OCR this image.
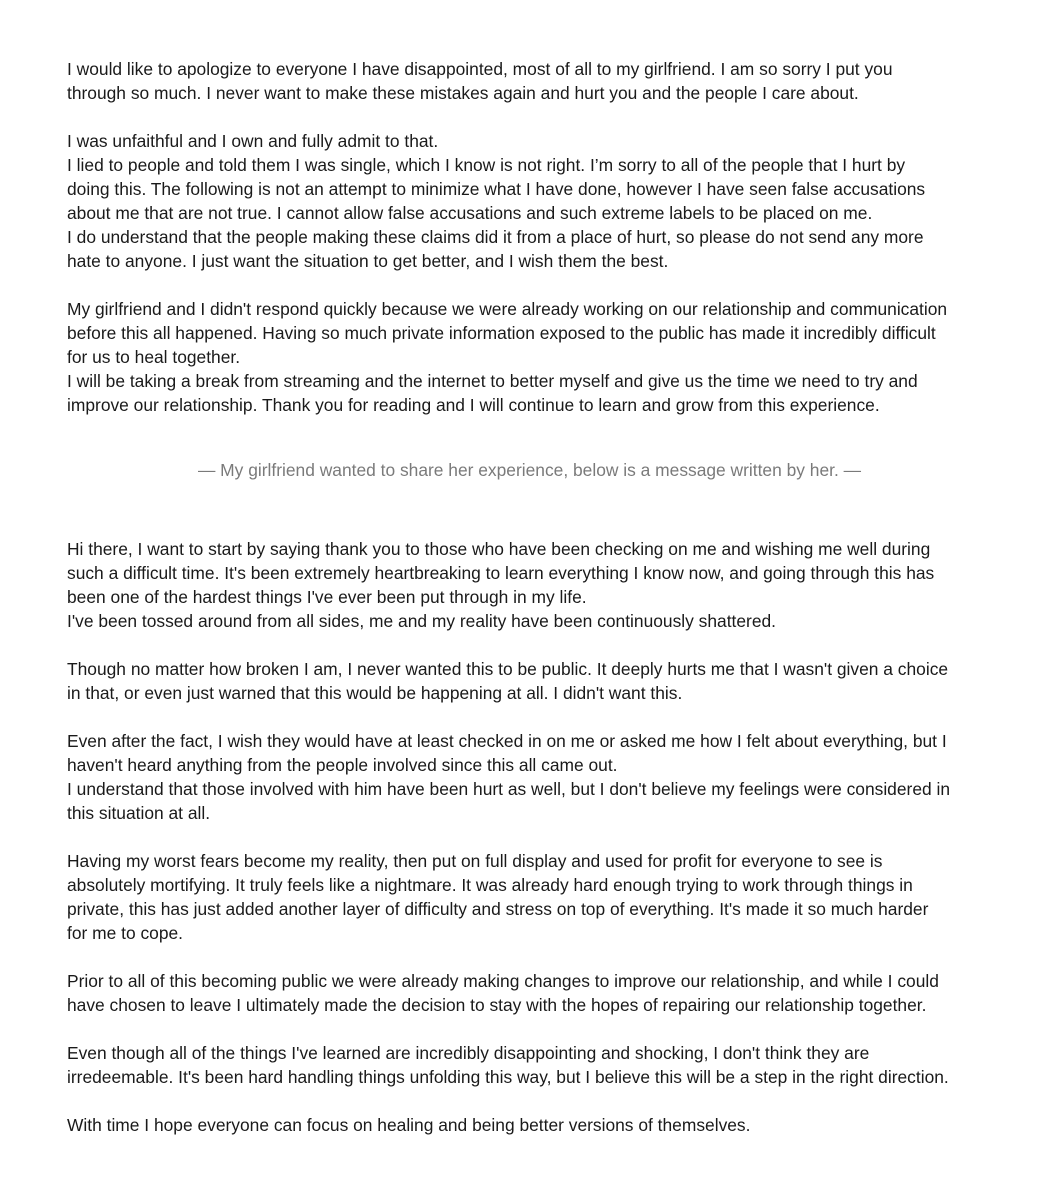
I would like to apologize to everyone I have disappointed, most of all to my girlfriend. I am so sorry I put you
through so much. I never want to make these mistakes again and hurt you and the people I care about.

I was unfaithful and I own and fully admit to that.
I lied to people and told them I was single, which I know is not right. I’m sorry to all of the people that I hurt by
doing this. The following is not an attempt to minimize what I have done, however I have seen false accusations
about me that are not true. I cannot allow false accusations and such extreme labels to be placed on me.
I do understand that the people making these claims did it from a place of hurt, so please do not send any more
hate to anyone. I just want the situation to get better, and I wish them the best.

My girlfriend and I didn't respond quickly because we were already working on our relationship and communication
before this all happened. Having so much private information exposed to the public has made it incredibly difficult
for us to heal together.
I will be taking a break from streaming and the internet to better myself and give us the time we need to try and
improve our relationship. Thank you for reading and I will continue to learn and grow from this experience.

— My girlfriend wanted to share her experience, below is a message written by her. —

Hi there, I want to start by saying thank you to those who have been checking on me and wishing me well during
such a difficult time. It's been extremely heartbreaking to learn everything I know now, and going through this has
been one of the hardest things I've ever been put through in my life.
I've been tossed around from all sides, me and my reality have been continuously shattered.

Though no matter how broken I am, I never wanted this to be public. It deeply hurts me that I wasn't given a choice
in that, or even just warned that this would be happening at all. I didn't want this.

Even after the fact, I wish they would have at least checked in on me or asked me how I felt about everything, but I
haven't heard anything from the people involved since this all came out.
I understand that those involved with him have been hurt as well, but I don't believe my feelings were considered in
this situation at all.

Having my worst fears become my reality, then put on full display and used for profit for everyone to see is
absolutely mortifying. It truly feels like a nightmare. It was already hard enough trying to work through things in
private, this has just added another layer of difficulty and stress on top of everything. It's made it so much harder
for me to cope.

Prior to all of this becoming public we were already making changes to improve our relationship, and while I could
have chosen to leave I ultimately made the decision to stay with the hopes of repairing our relationship together.

Even though all of the things I've learned are incredibly disappointing and shocking, I don't think they are
irredeemable. It's been hard handling things unfolding this way, but I believe this will be a step in the right direction.

With time I hope everyone can focus on healing and being better versions of themselves.
